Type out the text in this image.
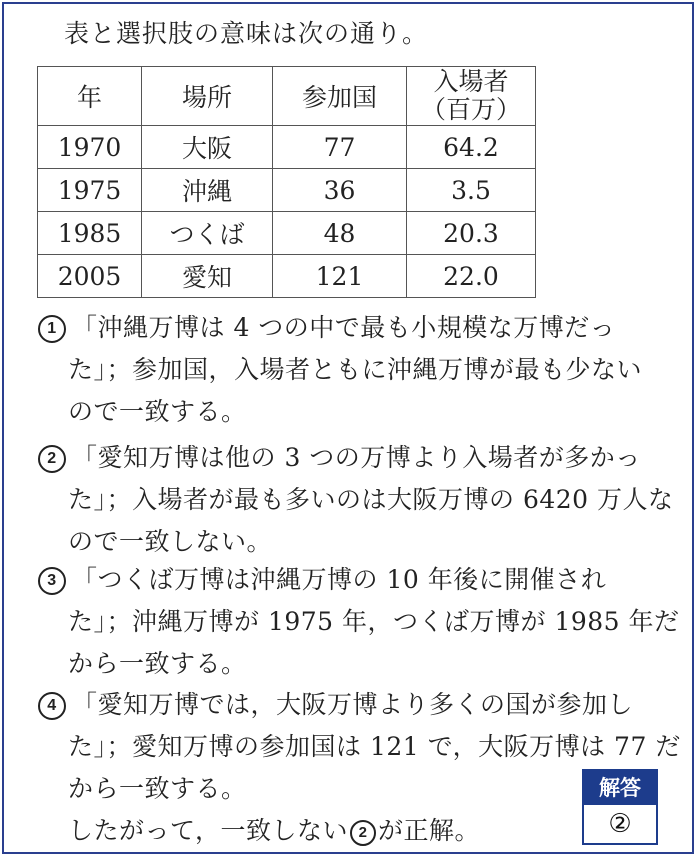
表と選択肢の意味は次の通り。
年	場所	参加国	入場者
（百万）

1970	大阪	77	64.2
1975	沖縄	36	3.5
1985	つくば	48	20.3
2005	愛知	121	22.0
1 「沖縄万博は 4 つの中で最も小規模な万博だっ
た」；参加国，入場者ともに沖縄万博が最も少ない
ので一致する。
2 「愛知万博は他の 3 つの万博より入場者が多かっ
た」；入場者が最も多いのは大阪万博の 6420 万人な
ので一致しない。
3 「つくば万博は沖縄万博の 10 年後に開催され
た」；沖縄万博が 1975 年，つくば万博が 1985 年だ
から一致する。
4 「愛知万博では，大阪万博より多くの国が参加し
た」；愛知万博の参加国は 121 で，大阪万博は 77 だ
から一致する。
したがって，一致しない 2 が正解。
解答
②
